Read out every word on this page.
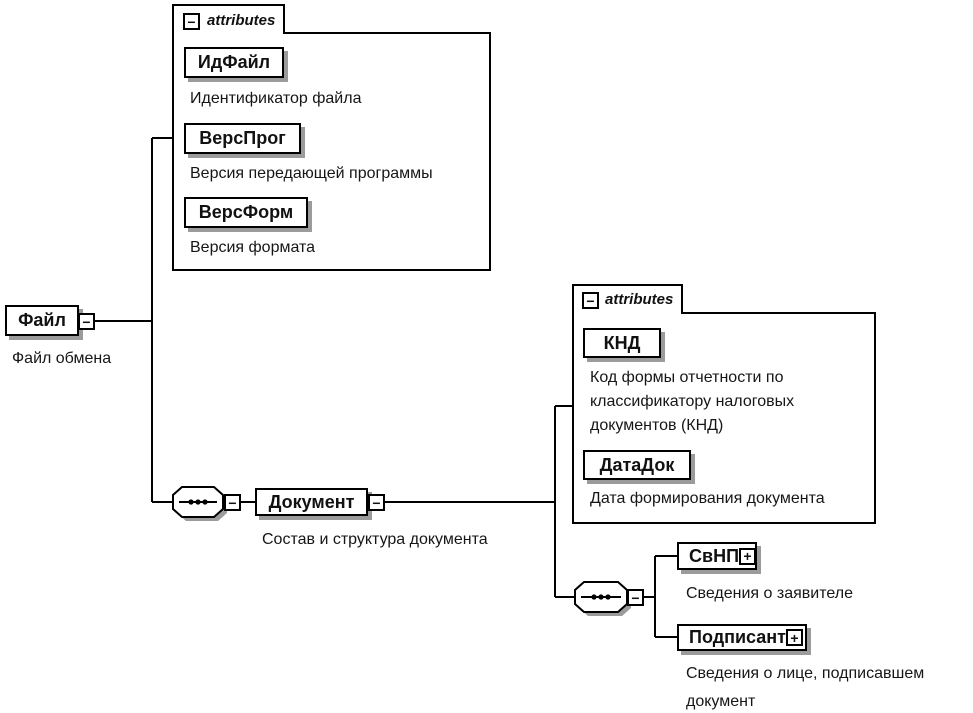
Файл −
Файл обмена
− attributes
ИдФайл
Идентификатор файла
ВерсПрог
Версия передающей программы
ВерсФорм
Версия формата
− Документ −
Состав и структура документа
− attributes
КНД
Код формы отчетности по классификатору налоговых документов (КНД)
ДатаДок
Дата формирования документа
−
СвНП +
Сведения о заявителе
Подписант +
Сведения о лице, подписавшем документ
